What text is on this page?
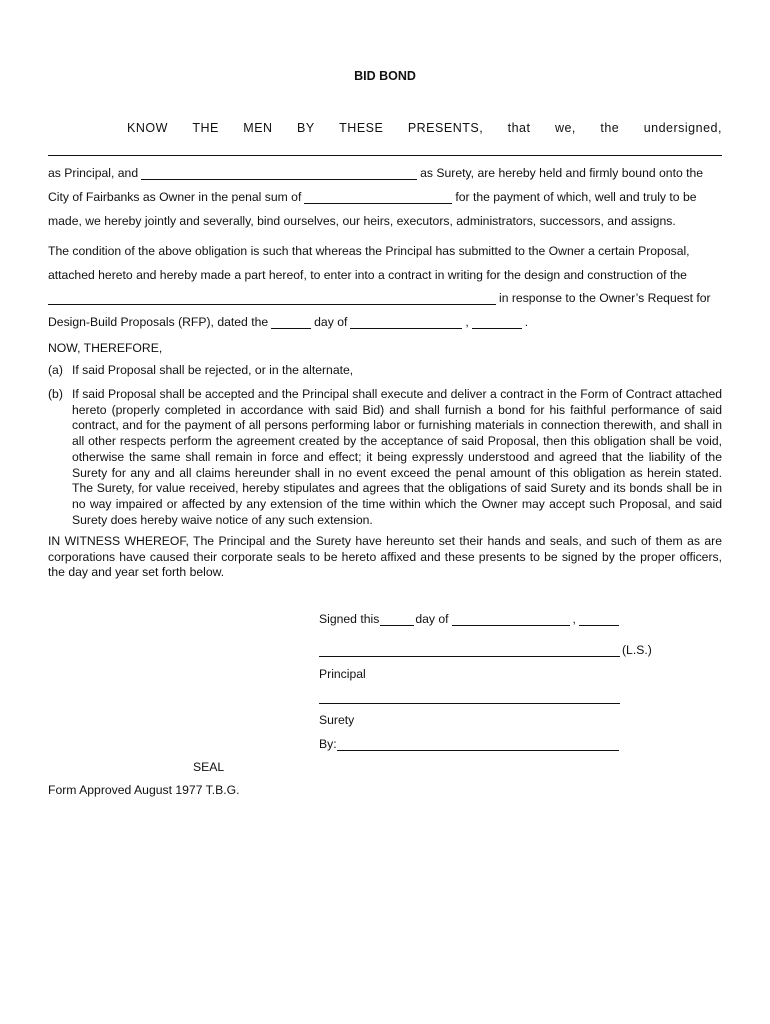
BID BOND
KNOW THE MEN BY THESE PRESENTS, that we, the undersigned,
as Principal, and	as Surety, are hereby held and firmly bound onto the
City of Fairbanks as Owner in the penal sum of	for the payment of which, well and truly to be
made, we hereby jointly and severally, bind ourselves, our heirs, executors, administrators, successors, and assigns.
The condition of the above obligation is such that whereas the Principal has submitted to the Owner a certain Proposal,
attached hereto and hereby made a part hereof, to enter into a contract in writing for the design and construction of the
in response to the Owner’s Request for
Design-Build Proposals (RFP), dated the	day of	,	.
NOW, THEREFORE,
(a) If said Proposal shall be rejected, or in the alternate,
(b) If said Proposal shall be accepted and the Principal shall execute and deliver a contract in the Form of Contract attached hereto (properly completed in accordance with said Bid) and shall furnish a bond for his faithful performance of said contract, and for the payment of all persons performing labor or furnishing materials in connection therewith, and shall in all other respects perform the agreement created by the acceptance of said Proposal, then this obligation shall be void, otherwise the same shall remain in force and effect; it being expressly understood and agreed that the liability of the Surety for any and all claims hereunder shall in no event exceed the penal amount of this obligation as herein stated. The Surety, for value received, hereby stipulates and agrees that the obligations of said Surety and its bonds shall be in no way impaired or affected by any extension of the time within which the Owner may accept such Proposal, and said Surety does hereby waive notice of any such extension.
IN WITNESS WHEREOF, The Principal and the Surety have hereunto set their hands and seals, and such of them as are corporations have caused their corporate seals to be hereto affixed and these presents to be signed by the proper officers, the day and year set forth below.
Signed this	day of	,
(L.S.)
Principal
Surety
By:
SEAL
Form Approved August 1977 T.B.G.
